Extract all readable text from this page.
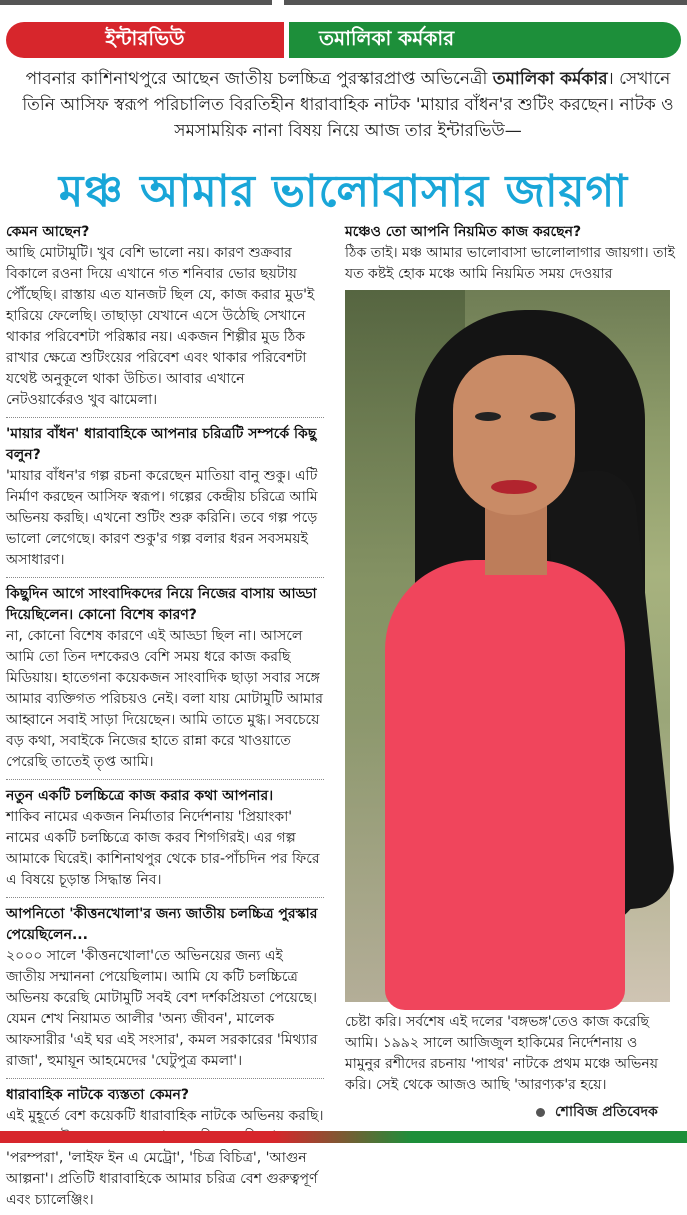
ইন্টারভিউ	তমালিকা কর্মকার
পাবনার কাশিনাথপুরে আছেন জাতীয় চলচ্চিত্র পুরস্কারপ্রাপ্ত অভিনেত্রী তমালিকা কর্মকার। সেখানে তিনি আসিফ স্বরূপ পরিচালিত বিরতিহীন ধারাবাহিক নাটক 'মায়ার বাঁধন'র শুটিং করছেন। নাটক ও সমসাময়িক নানা বিষয় নিয়ে আজ তার ইন্টারভিউ—
মঞ্চ আমার ভালোবাসার জায়গা
কেমন আছেন?
আছি মোটামুটি। খুব বেশি ভালো নয়। কারণ শুক্রবার বিকালে রওনা দিয়ে এখানে গত শনিবার ভোর ছয়টায় পৌঁছেছি। রাস্তায় এত যানজট ছিল যে, কাজ করার মুড'ই হারিয়ে ফেলেছি। তাছাড়া যেখানে এসে উঠেছি সেখানে থাকার পরিবেশটা পরিষ্কার নয়। একজন শিল্পীর মুড ঠিক রাখার ক্ষেত্রে শুটিংয়ের পরিবেশ এবং থাকার পরিবেশটা যথেষ্ট অনুকূলে থাকা উচিত। আবার এখানে নেটওয়ার্কেরও খুব ঝামেলা।
'মায়ার বাঁধন' ধারাবাহিকে আপনার চরিত্রটি সম্পর্কে কিছু বলুন?
'মায়ার বাঁধন'র গল্প রচনা করেছেন মাতিয়া বানু শুকু। এটি নির্মাণ করছেন আসিফ স্বরূপ। গল্পের কেন্দ্রীয় চরিত্রে আমি অভিনয় করছি। এখনো শুটিং শুরু করিনি। তবে গল্প পড়ে ভালো লেগেছে। কারণ শুকু'র গল্প বলার ধরন সবসময়ই অসাধারণ।
কিছুদিন আগে সাংবাদিকদের নিয়ে নিজের বাসায় আড্ডা দিয়েছিলেন। কোনো বিশেষ কারণ?
না, কোনো বিশেষ কারণে এই আড্ডা ছিল না। আসলে আমি তো তিন দশকেরও বেশি সময় ধরে কাজ করছি মিডিয়ায়। হাতেগনা কয়েকজন সাংবাদিক ছাড়া সবার সঙ্গে আমার ব্যক্তিগত পরিচয়ও নেই। বলা যায় মোটামুটি আমার আহ্বানে সবাই সাড়া দিয়েছেন। আমি তাতে মুগ্ধ। সবচেয়ে বড় কথা, সবাইকে নিজের হাতে রান্না করে খাওয়াতে পেরেছি তাতেই তৃপ্ত আমি।
নতুন একটি চলচ্চিত্রে কাজ করার কথা আপনার।
শাকিব নামের একজন নির্মাতার নির্দেশনায় 'প্রিয়াংকা' নামের একটি চলচ্চিত্রে কাজ করব শিগগিরই। এর গল্প আমাকে ঘিরেই। কাশিনাথপুর থেকে চার-পাঁচদিন পর ফিরে এ বিষয়ে চূড়ান্ত সিদ্ধান্ত নিব।
আপনিতো 'কীত্তনখোলা'র জন্য জাতীয় চলচ্চিত্র পুরস্কার পেয়েছিলেন...
২০০০ সালে 'কীত্তনখোলা'তে অভিনয়ের জন্য এই জাতীয় সম্মাননা পেয়েছিলাম। আমি যে কটি চলচ্চিত্রে অভিনয় করেছি মোটামুটি সবই বেশ দর্শকপ্রিয়তা পেয়েছে। যেমন শেখ নিয়ামত আলীর 'অন্য জীবন', মালেক আফসারীর 'এই ঘর এই সংসার', কমল সরকারের 'মিথ্যার রাজা', হুমায়ূন আহমেদের 'ঘেটুপুত্র কমলা'।
ধারাবাহিক নাটকে ব্যস্ততা কেমন?
এই মুহূর্তে বেশ কয়েকটি ধারাবাহিক নাটকে অভিনয় করছি। 'পরম্পরা', 'লাইফ ইন এ মেট্রো', 'চিত্র বিচিত্র', 'আগুন আল্পনা'। প্রতিটি ধারাবাহিকে আমার চরিত্র বেশ গুরুত্বপূর্ণ এবং চ্যালেঞ্জিং।
মঞ্চেও তো আপনি নিয়মিত কাজ করছেন?
ঠিক তাই। মঞ্চ আমার ভালোবাসা ভালোলাগার জায়গা। তাই যত কষ্টই হোক মঞ্চে আমি নিয়মিত সময় দেওয়ার
চেষ্টা করি। সর্বশেষ এই দলের 'বঙ্গভঙ্গ'তেও কাজ করেছি আমি। ১৯৯২ সালে আজিজুল হাকিমের নির্দেশনায় ও মামুনুর রশীদের রচনায় 'পাথর' নাটকে প্রথম মঞ্চে অভিনয় করি। সেই থেকে আজও আছি 'আরণ্যক'র হয়ে।
শোবিজ প্রতিবেদক
